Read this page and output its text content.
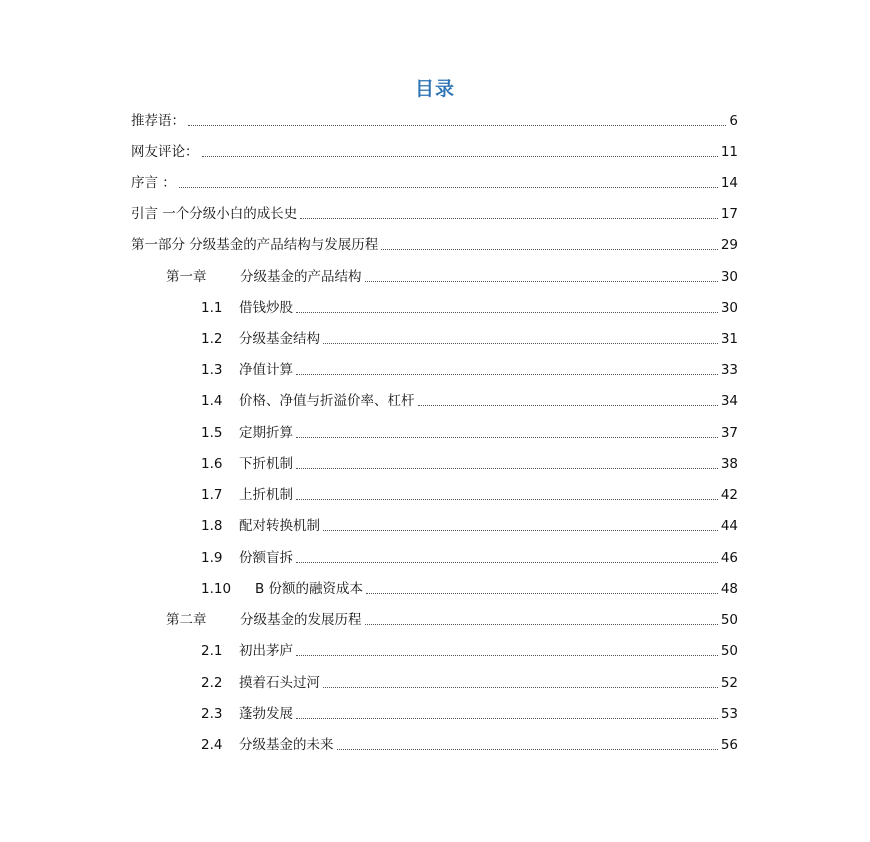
目录
推荐语：	6
网友评论：	11
序言 ：	14
引言 一个分级小白的成长史	17
第一部分 分级基金的产品结构与发展历程	29
第一章	分级基金的产品结构	30
1.1	借钱炒股	30
1.2	分级基金结构	31
1.3	净值计算	33
1.4	价格、净值与折溢价率、杠杆	34
1.5	定期折算	37
1.6	下折机制	38
1.7	上折机制	42
1.8	配对转换机制	44
1.9	份额盲拆	46
1.10	B 份额的融资成本	48
第二章	分级基金的发展历程	50
2.1	初出茅庐	50
2.2	摸着石头过河	52
2.3	蓬勃发展	53
2.4	分级基金的未来	56
